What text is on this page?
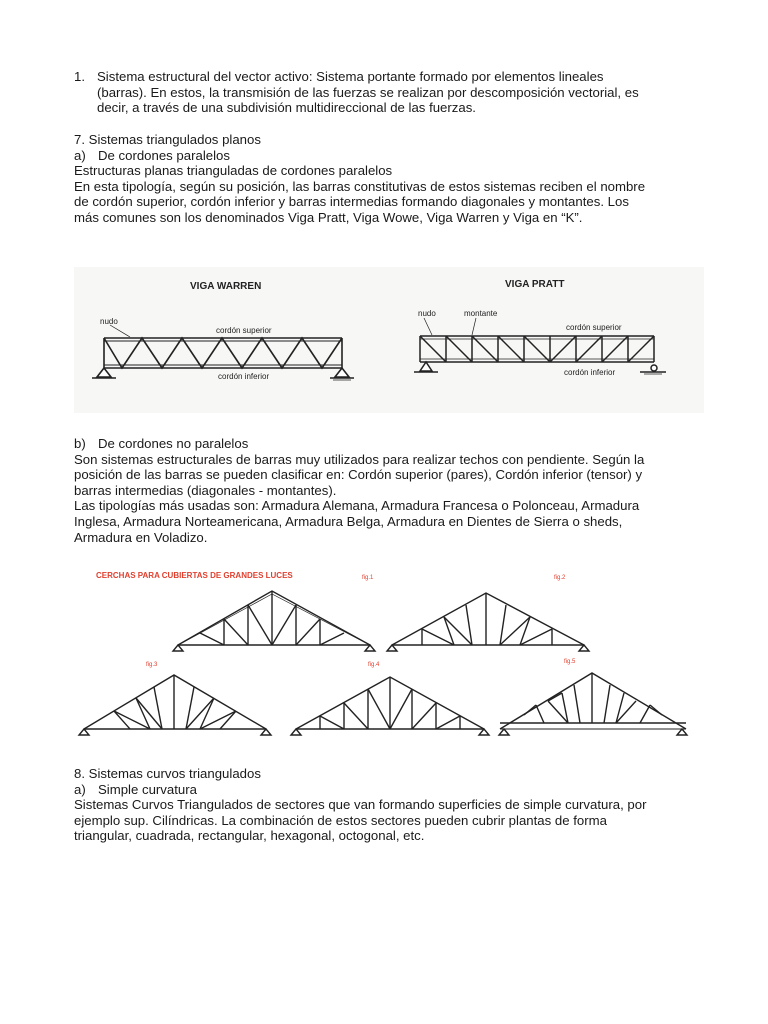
1. Sistema estructural del vector activo: Sistema portante formado por elementos lineales
(barras). En estos, la transmisión de las fuerzas se realizan por descomposición vectorial, es
decir, a través de una subdivisión multidireccional de las fuerzas.
7. Sistemas triangulados planos
a) De cordones paralelos
Estructuras planas trianguladas de cordones paralelos
En esta tipología, según su posición, las barras constitutivas de estos sistemas reciben el nombre
de cordón superior, cordón inferior y barras intermedias formando diagonales y montantes. Los
más comunes son los denominados Viga Pratt, Viga Wowe, Viga Warren y Viga en “K”.
VIGA WARREN
nudo
cordón superior
cordón inferior
VIGA PRATT
nudo	montante
cordón superior
cordón inferior
b) De cordones no paralelos
Son sistemas estructurales de barras muy utilizados para realizar techos con pendiente. Según la
posición de las barras se pueden clasificar en: Cordón superior (pares), Cordón inferior (tensor) y
barras intermedias (diagonales - montantes).
Las tipologías más usadas son: Armadura Alemana, Armadura Francesa o Polonceau, Armadura
Inglesa, Armadura Norteamericana, Armadura Belga, Armadura en Dientes de Sierra o sheds,
Armadura en Voladizo.
CERCHAS PARA CUBIERTAS DE GRANDES LUCES	fig.1	fig.2
fig.3	fig.4	fig.5
8. Sistemas curvos triangulados
a) Simple curvatura
Sistemas Curvos Triangulados de sectores que van formando superficies de simple curvatura, por
ejemplo sup. Cilíndricas. La combinación de estos sectores pueden cubrir plantas de forma
triangular, cuadrada, rectangular, hexagonal, octogonal, etc.
